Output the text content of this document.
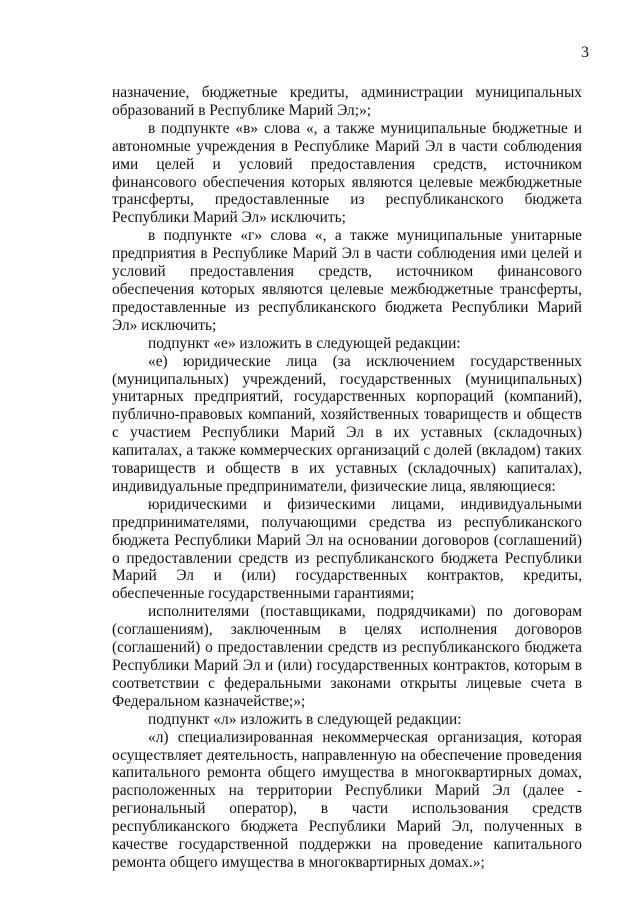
3

назначение, бюджетные кредиты, администрации муниципальных образований в Республике Марий Эл;»;

в подпункте «в» слова «, а также муниципальные бюджетные и автономные учреждения в Республике Марий Эл в части соблюдения ими целей и условий предоставления средств, источником финансового обеспечения которых являются целевые межбюджетные трансферты, предоставленные из республиканского бюджета Республики Марий Эл» исключить;

в подпункте «г» слова «, а также муниципальные унитарные предприятия в Республике Марий Эл в части соблюдения ими целей и условий предоставления средств, источником финансового обеспечения которых являются целевые межбюджетные трансферты, предоставленные из республиканского бюджета Республики Марий Эл» исключить;

подпункт «е» изложить в следующей редакции:

«е) юридические лица (за исключением государственных (муниципальных) учреждений, государственных (муниципальных) унитарных предприятий, государственных корпораций (компаний), публично-правовых компаний, хозяйственных товариществ и обществ с участием Республики Марий Эл в их уставных (складочных) капиталах, а также коммерческих организаций с долей (вкладом) таких товариществ и обществ в их уставных (складочных) капиталах), индивидуальные предприниматели, физические лица, являющиеся:

юридическими и физическими лицами, индивидуальными предпринимателями, получающими средства из республиканского бюджета Республики Марий Эл на основании договоров (соглашений) о предоставлении средств из республиканского бюджета Республики Марий Эл и (или) государственных контрактов, кредиты, обеспеченные государственными гарантиями;

исполнителями (поставщиками, подрядчиками) по договорам (соглашениям), заключенным в целях исполнения договоров (соглашений) о предоставлении средств из республиканского бюджета Республики Марий Эл и (или) государственных контрактов, которым в соответствии с федеральными законами открыты лицевые счета в Федеральном казначействе;»;

подпункт «л» изложить в следующей редакции:

«л) специализированная некоммерческая организация, которая осуществляет деятельность, направленную на обеспечение проведения капитального ремонта общего имущества в многоквартирных домах, расположенных на территории Республики Марий Эл (далее - региональный оператор), в части использования средств республиканского бюджета Республики Марий Эл, полученных в качестве государственной поддержки на проведение капитального ремонта общего имущества в многоквартирных домах.»;
